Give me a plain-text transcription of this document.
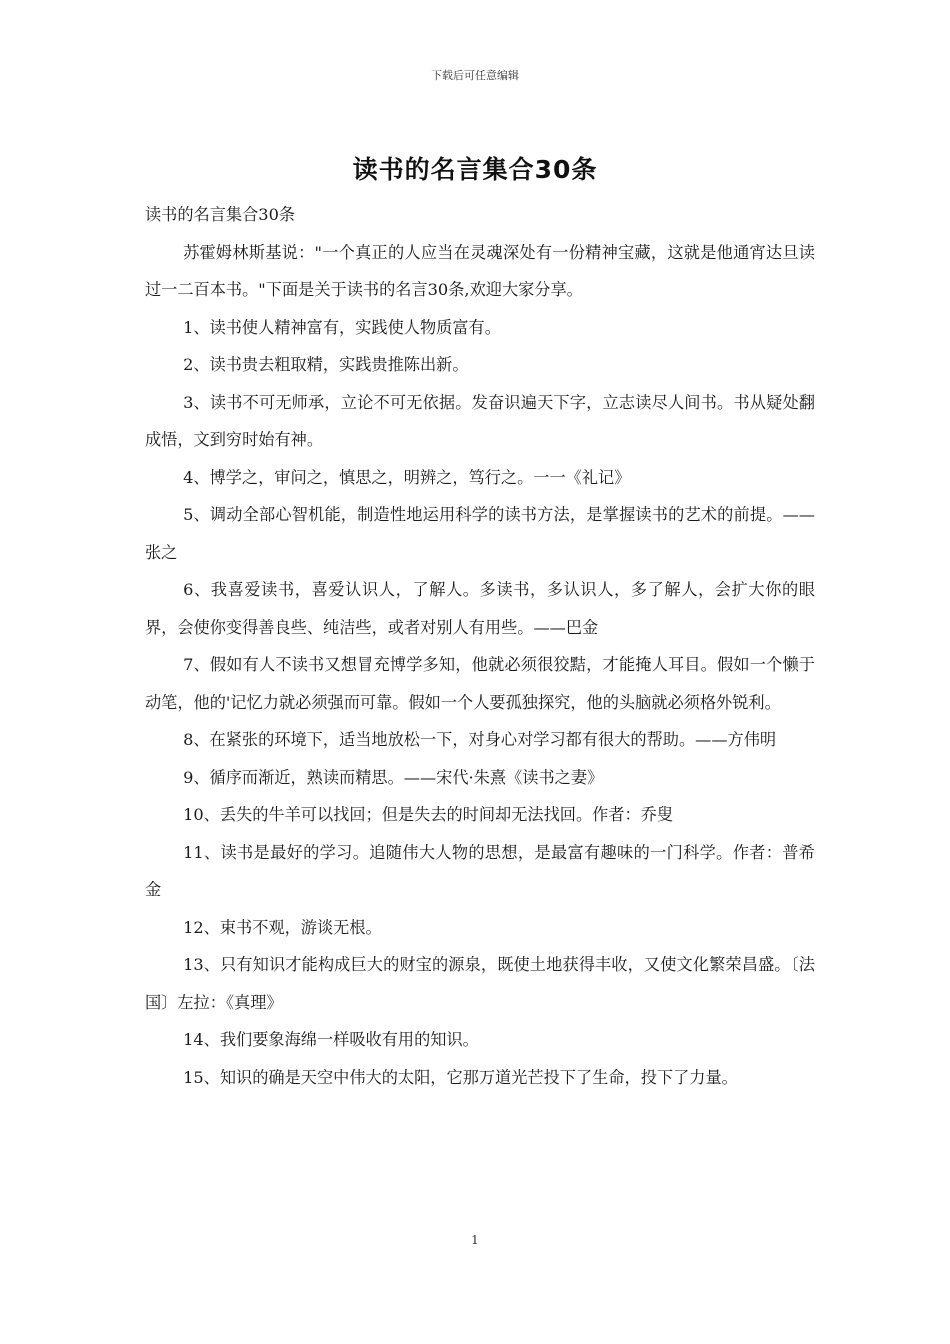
下载后可任意编辑
读书的名言集合30条

读书的名言集合30条

苏霍姆林斯基说："一个真正的人应当在灵魂深处有一份精神宝藏，这就是他通宵达旦读过一二百本书。"下面是关于读书的名言30条,欢迎大家分享。

1、读书使人精神富有，实践使人物质富有。

2、读书贵去粗取精，实践贵推陈出新。

3、读书不可无师承，立论不可无依据。发奋识遍天下字，立志读尽人间书。书从疑处翻成悟，文到穷时始有神。

4、博学之，审问之，慎思之，明辨之，笃行之。一一《礼记》

5、调动全部心智机能，制造性地运用科学的读书方法，是掌握读书的艺术的前提。——张之

6、我喜爱读书，喜爱认识人，了解人。多读书，多认识人，多了解人，会扩大你的眼界，会使你变得善良些、纯洁些，或者对别人有用些。——巴金

7、假如有人不读书又想冒充博学多知，他就必须很狡黠，才能掩人耳目。假如一个懒于动笔，他的'记忆力就必须强而可靠。假如一个人要孤独探究，他的头脑就必须格外锐利。

8、在紧张的环境下，适当地放松一下，对身心对学习都有很大的帮助。——方伟明

9、循序而渐近，熟读而精思。——宋代·朱熹《读书之妻》

10、丢失的牛羊可以找回；但是失去的时间却无法找回。作者：乔叟

11、读书是最好的学习。追随伟大人物的思想，是最富有趣味的一门科学。作者：普希金

12、束书不观，游谈无根。

13、只有知识才能构成巨大的财宝的源泉，既使土地获得丰收，又使文化繁荣昌盛。〔法国〕左拉：《真理》

14、我们要象海绵一样吸收有用的知识。

15、知识的确是天空中伟大的太阳，它那万道光芒投下了生命，投下了力量。

1
